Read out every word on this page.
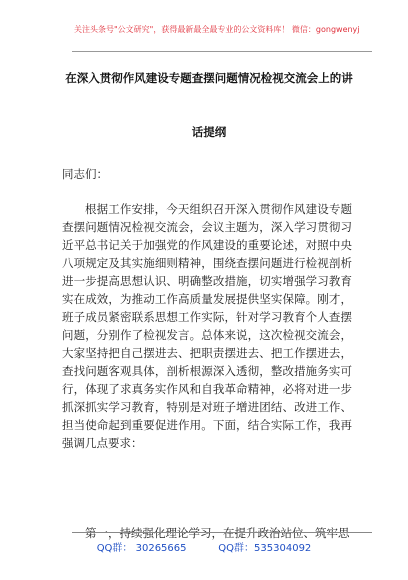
关注头条号"公文研究"，获得最新最全最专业的公文资料库！ 微信：gongwenyj
在深入贯彻作风建设专题查摆问题情况检视交流会上的讲
话提纲
同志们：
根据工作安排，今天组织召开深入贯彻作风建设专题查摆问题情况检视交流会，会议主题为，深入学习贯彻习近平总书记关于加强党的作风建设的重要论述，对照中央八项规定及其实施细则精神，围绕查摆问题进行检视剖析进一步提高思想认识、明确整改措施，切实增强学习教育实在成效，为推动工作高质量发展提供坚实保障。刚才，班子成员紧密联系思想工作实际，针对学习教育个人查摆问题，分别作了检视发言。总体来说，这次检视交流会，大家坚持把自己摆进去、把职责摆进去、把工作摆进去，查找问题客观具体，剖析根源深入透彻，整改措施务实可行，体现了求真务实作风和自我革命精神，必将对进一步抓深抓实学习教育，特别是对班子增进团结、改进工作、担当使命起到重要促进作用。下面，结合实际工作，我再强调几点要求：
第一，持续强化理论学习，在提升政治站位、筑牢思
QQ群： 30265665          QQ群：535304092
